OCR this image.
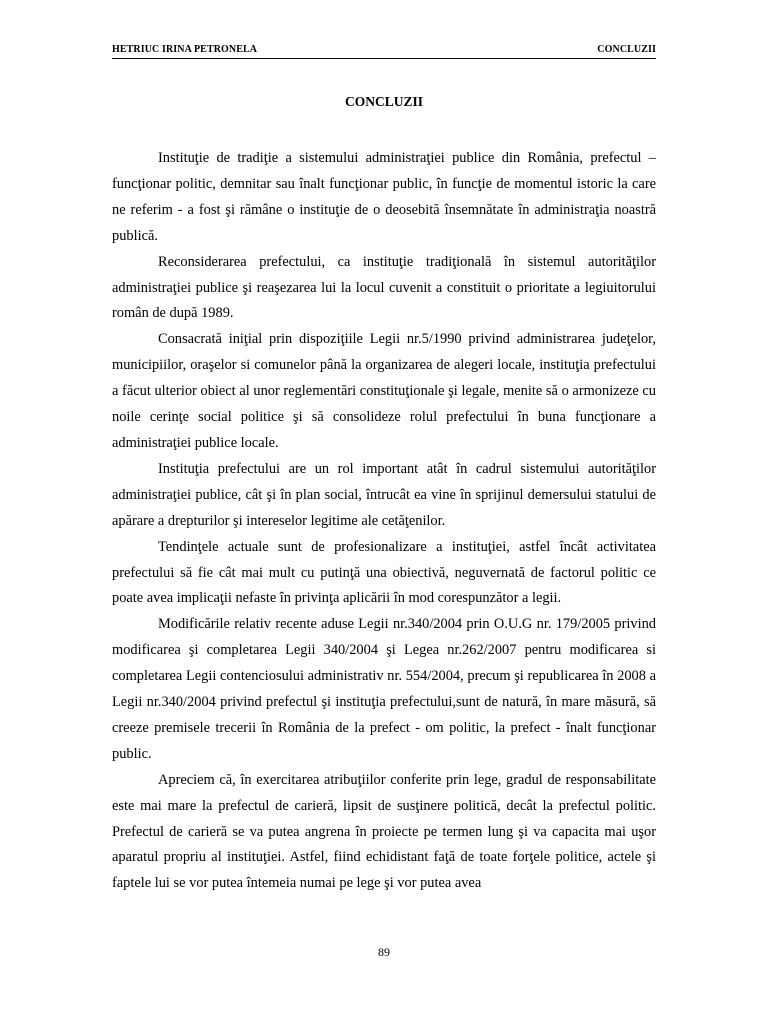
HETRIUC IRINA PETRONELA	CONCLUZII
CONCLUZII

Instituţie de tradiţie a sistemului administraţiei publice din România, prefectul – funcţionar politic, demnitar sau înalt funcţionar public, în funcţie de momentul istoric la care ne referim - a fost şi rămâne o instituţie de o deosebită însemnătate în administraţia noastră publică.

Reconsiderarea prefectului, ca instituţie tradiţională în sistemul autorităţilor administraţiei publice şi reaşezarea lui la locul cuvenit a constituit o prioritate a legiuitorului român de după 1989.

Consacrată iniţial prin dispoziţiile Legii nr.5/1990 privind administrarea judeţelor, municipiilor, oraşelor si comunelor până la organizarea de alegeri locale, instituţia prefectului a făcut ulterior obiect al unor reglementări constituţionale şi legale, menite să o armonizeze cu noile cerinţe social politice şi să consolideze rolul prefectului în buna funcţionare a administraţiei publice locale.

Instituţia prefectului are un rol important atât în cadrul sistemului autorităţilor administraţiei publice, cât şi în plan social, întrucât ea vine în sprijinul demersului statului de apărare a drepturilor şi intereselor legitime ale cetăţenilor.

Tendinţele actuale sunt de profesionalizare a instituţiei, astfel încât activitatea prefectului să fie cât mai mult cu putinţă una obiectivă, neguvernată de factorul politic ce poate avea implicaţii nefaste în privinţa aplicării în mod corespunzător a legii.

Modificările relativ recente aduse Legii nr.340/2004 prin O.U.G nr. 179/2005 privind modificarea şi completarea Legii 340/2004 şi Legea nr.262/2007 pentru modificarea si completarea Legii contenciosului administrativ nr. 554/2004, precum şi republicarea în 2008 a Legii nr.340/2004 privind prefectul şi instituţia prefectului,sunt de natură, în mare măsură, să creeze premisele trecerii în România de la prefect - om politic, la prefect - înalt funcţionar public.

Apreciem că, în exercitarea atribuţiilor conferite prin lege, gradul de responsabilitate este mai mare la prefectul de carieră, lipsit de susţinere politică, decât la prefectul politic. Prefectul de carieră se va putea angrena în proiecte pe termen lung şi va capacita mai uşor aparatul propriu al instituţiei. Astfel, fiind echidistant faţă de toate forţele politice, actele şi faptele lui se vor putea întemeia numai pe lege şi vor putea avea

89
